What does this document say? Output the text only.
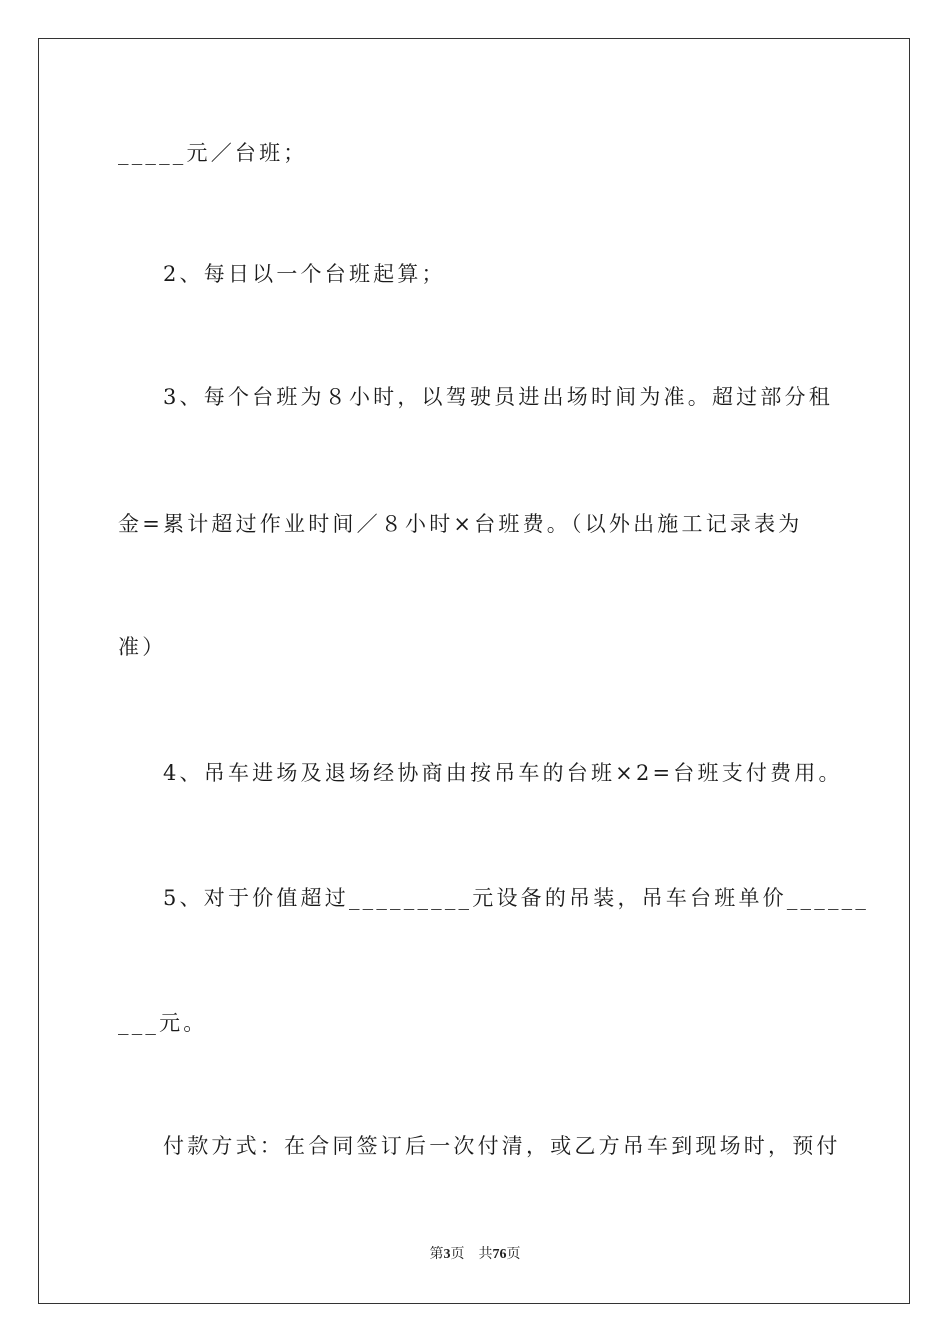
_____元／台班；
2、每日以一个台班起算；
3、每个台班为８小时，以驾驶员进出场时间为准。超过部分租
金=累计超过作业时间／８小时×台班费。（以外出施工记录表为
准）
4、吊车进场及退场经协商由按吊车的台班×2=台班支付费用。
5、对于价值超过_________元设备的吊装，吊车台班单价______
___元。
付款方式：在合同签订后一次付清，或乙方吊车到现场时，预付
第3页 共76页
